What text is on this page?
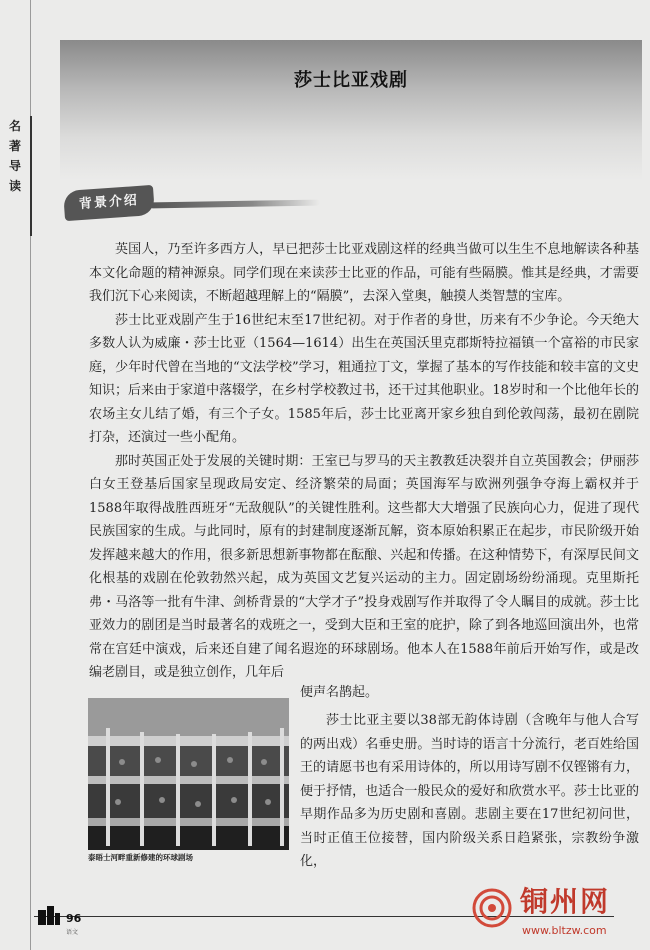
名
著
导
读
莎士比亚戏剧
背景介绍

英国人，乃至许多西方人，早已把莎士比亚戏剧这样的经典当做可以生生不息地解读各种基本文化命题的精神源泉。同学们现在来读莎士比亚的作品，可能有些隔膜。惟其是经典，才需要我们沉下心来阅读，不断超越理解上的“隔膜”，去深入堂奥，触摸人类智慧的宝库。

莎士比亚戏剧产生于16世纪末至17世纪初。对于作者的身世，历来有不少争论。今天绝大多数人认为威廉・莎士比亚（1564—1614）出生在英国沃里克郡斯特拉福镇一个富裕的市民家庭，少年时代曾在当地的“文法学校”学习，粗通拉丁文，掌握了基本的写作技能和较丰富的文史知识；后来由于家道中落辍学，在乡村学校教过书，还干过其他职业。18岁时和一个比他年长的农场主女儿结了婚，有三个子女。1585年后，莎士比亚离开家乡独自到伦敦闯荡，最初在剧院打杂，还演过一些小配角。

那时英国正处于发展的关键时期：王室已与罗马的天主教教廷决裂并自立英国教会；伊丽莎白女王登基后国家呈现政局安定、经济繁荣的局面；英国海军与欧洲列强争夺海上霸权并于1588年取得战胜西班牙“无敌舰队”的关键性胜利。这些都大大增强了民族向心力，促进了现代民族国家的生成。与此同时，原有的封建制度逐渐瓦解，资本原始积累正在起步，市民阶级开始发挥越来越大的作用，很多新思想新事物都在酝酿、兴起和传播。在这种情势下，有深厚民间文化根基的戏剧在伦敦勃然兴起，成为英国文艺复兴运动的主力。固定剧场纷纷涌现。克里斯托弗・马洛等一批有牛津、剑桥背景的“大学才子”投身戏剧写作并取得了令人瞩目的成就。莎士比亚效力的剧团是当时最著名的戏班之一，受到大臣和王室的庇护，除了到各地巡回演出外，也常常在宫廷中演戏，后来还自建了闻名遐迩的环球剧场。他本人在1588年前后开始写作，或是改编老剧目，或是独立创作，几年后

便声名鹊起。

莎士比亚主要以38部无韵体诗剧（含晚年与他人合写的两出戏）名垂史册。当时诗的语言十分流行，老百姓给国王的请愿书也有采用诗体的，所以用诗写剧不仅铿锵有力，便于抒情，也适合一般民众的爱好和欣赏水平。莎士比亚的早期作品多为历史剧和喜剧。悲剧主要在17世纪初问世，当时正值王位接替，国内阶级关系日趋紧张，宗教纷争激化，

泰晤士河畔重新修建的环球剧场
96
语文
铜州网
www.bltzw.com
